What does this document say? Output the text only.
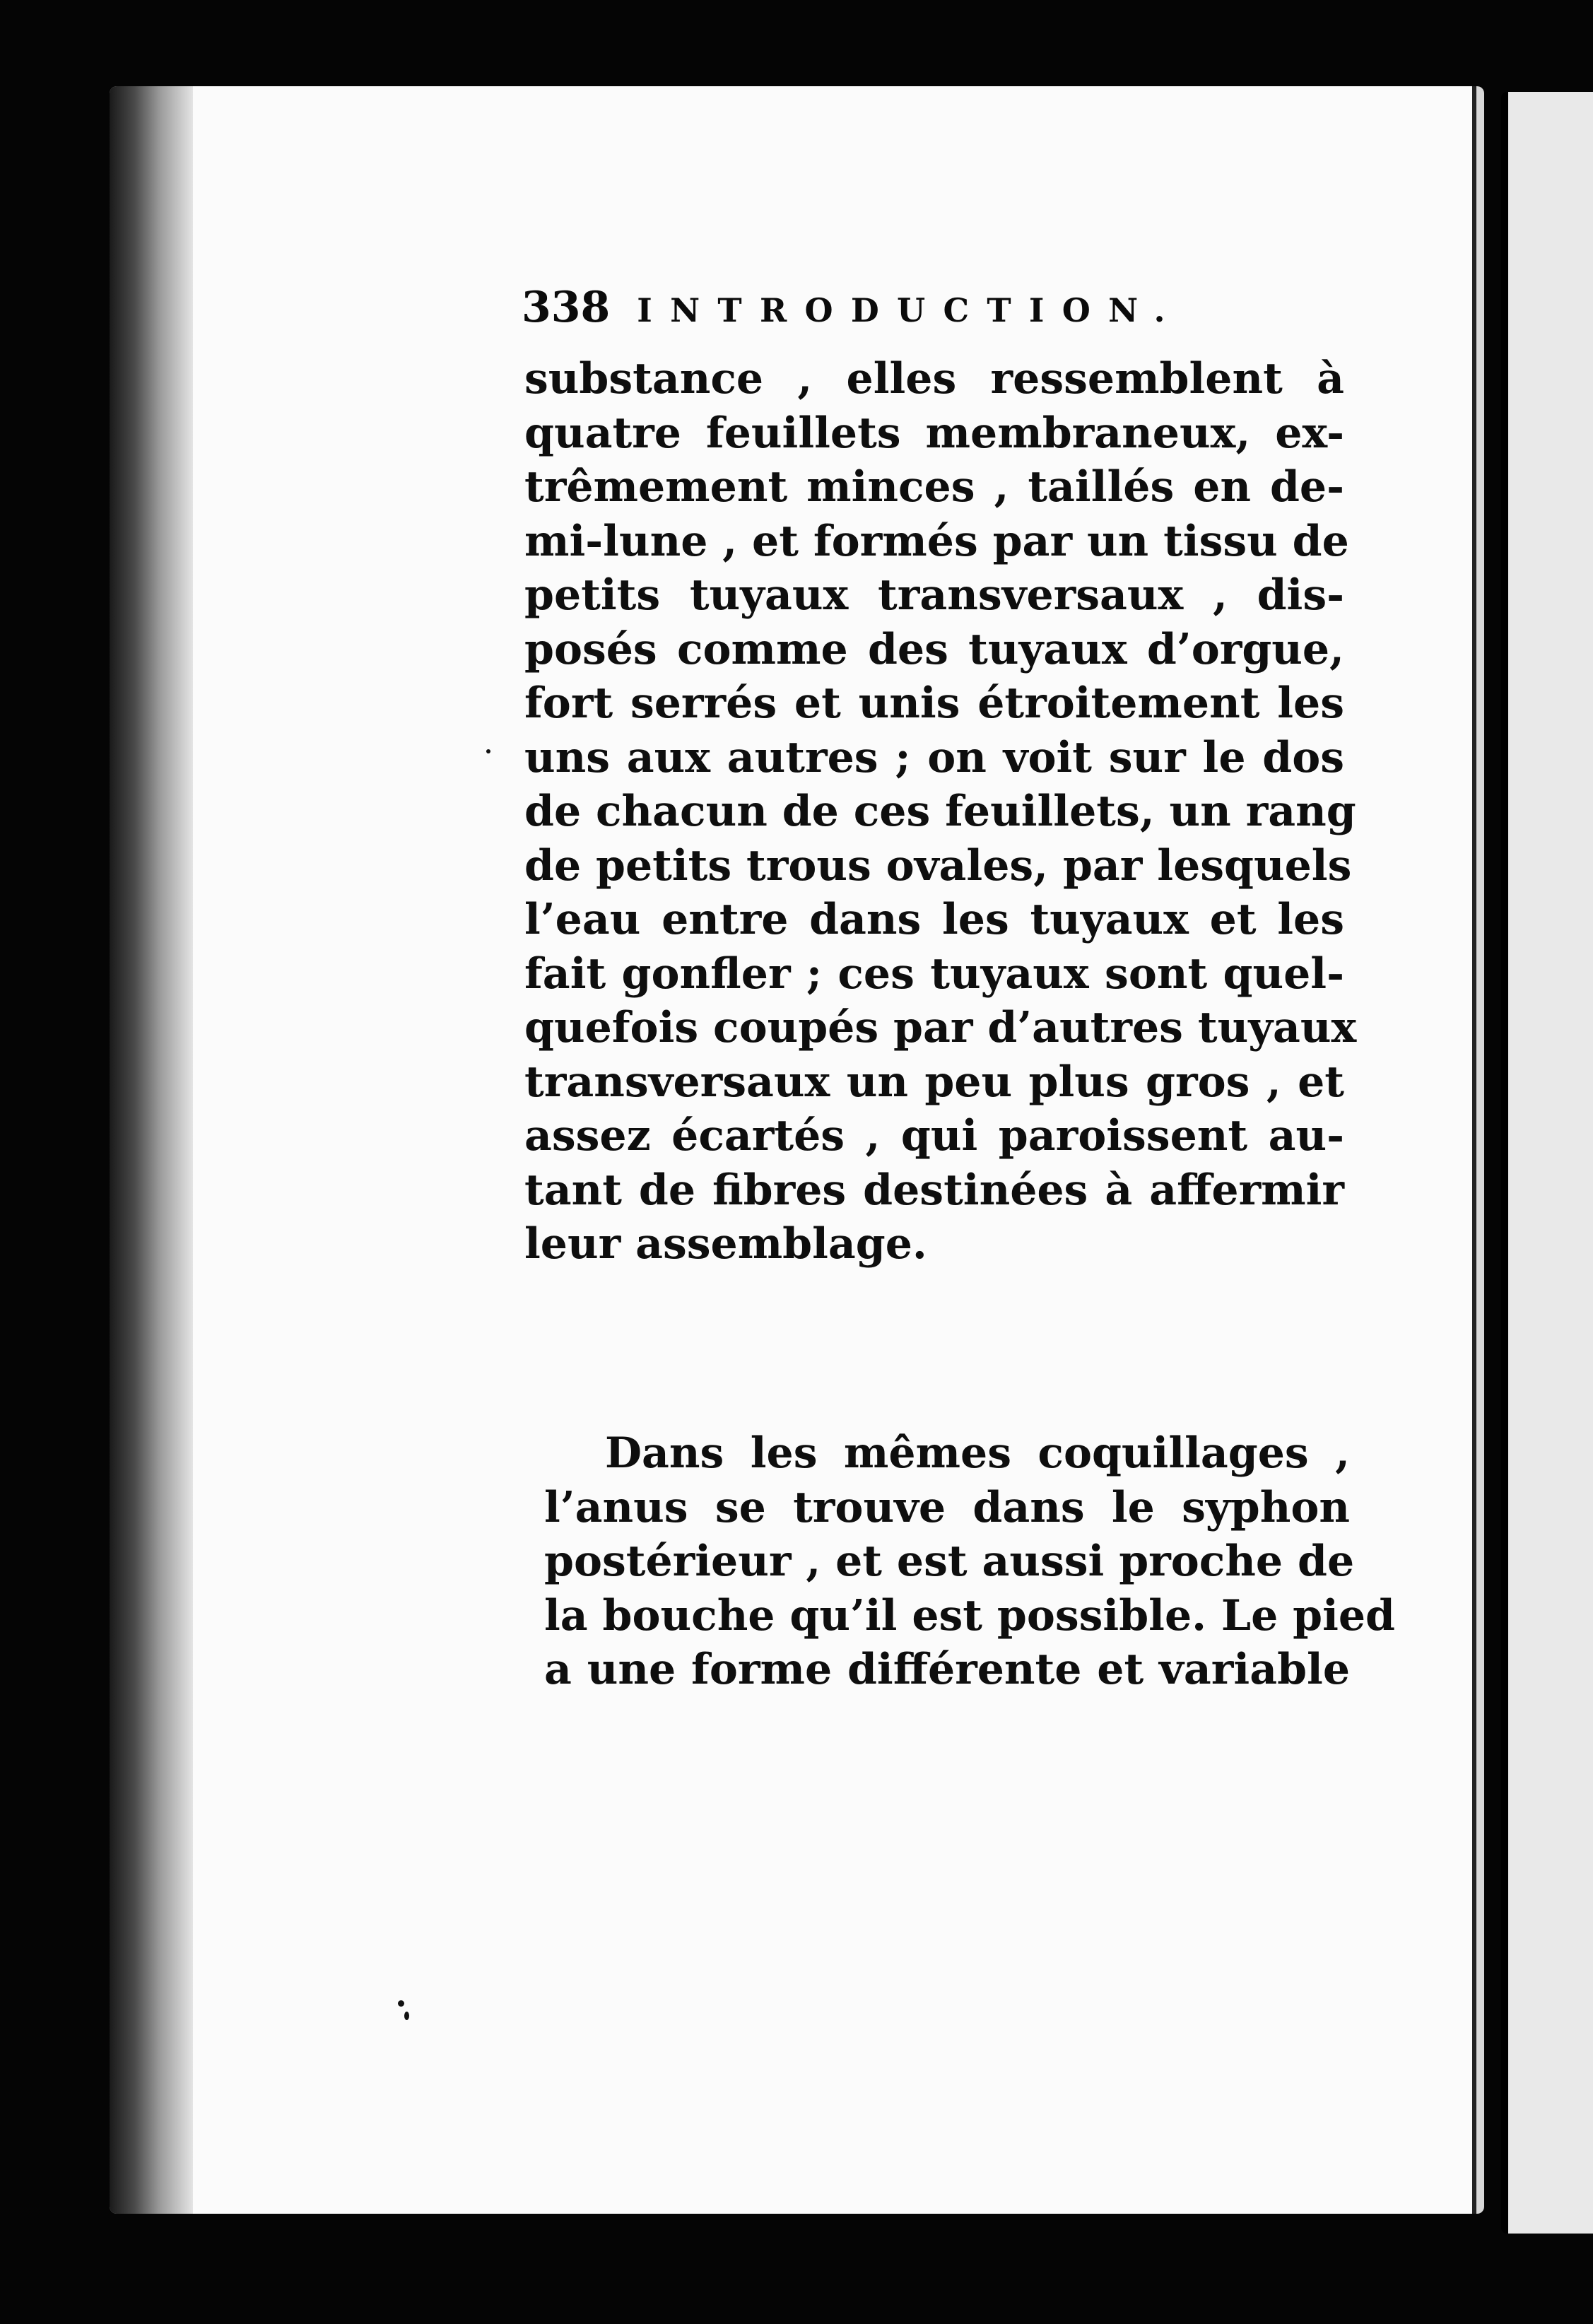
338 INTRODUCTION.
substance , elles ressemblent à
quatre feuillets membraneux, ex-
trêmement minces , taillés en de-
mi-lune , et formés par un tissu de
petits tuyaux transversaux , dis-
posés comme des tuyaux d’orgue,
fort serrés et unis étroitement les
uns aux autres ; on voit sur le dos
de chacun de ces feuillets, un rang
de petits trous ovales, par lesquels
l’eau entre dans les tuyaux et les
fait gonfler ; ces tuyaux sont quel-
quefois coupés par d’autres tuyaux
transversaux un peu plus gros , et
assez écartés , qui paroissent au-
tant de fibres destinées à affermir
leur assemblage.
Dans les mêmes coquillages ,
l’anus se trouve dans le syphon
postérieur , et est aussi proche de
la bouche qu’il est possible. Le pied
a une forme différente et variable
